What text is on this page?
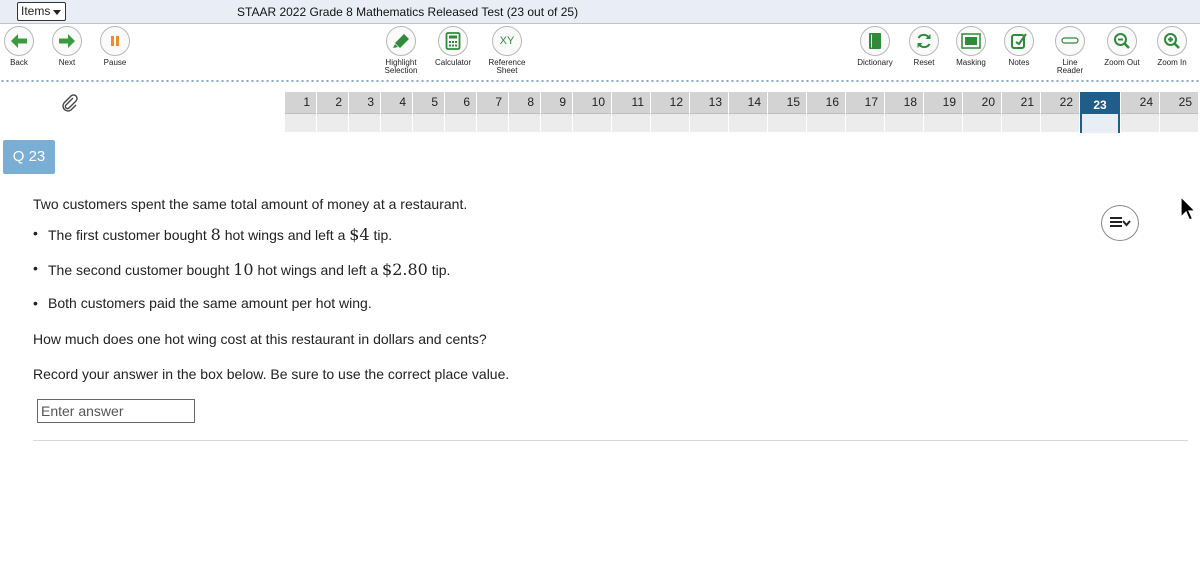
Items	STAAR 2022 Grade 8 Mathematics Released Test (23 out of 25)
Back	Next	Pause	Highlight
Selection
Calculator
XY
Reference
Sheet
Dictionary	Reset	Masking	Notes	Line
Reader
Zoom Out	Zoom In
1	2	3	4	5	6	7	8	9	10	11	12	13	14	15	16	17	18	19	20	21	22	23	24	25
Q 23
Two customers spent the same total amount of money at a restaurant.
• The first customer bought 8 hot wings and left a $4 tip.
• The second customer bought 10 hot wings and left a $2.80 tip.
• Both customers paid the same amount per hot wing.
How much does one hot wing cost at this restaurant in dollars and cents?
Record your answer in the box below. Be sure to use the correct place value.
Enter answer
